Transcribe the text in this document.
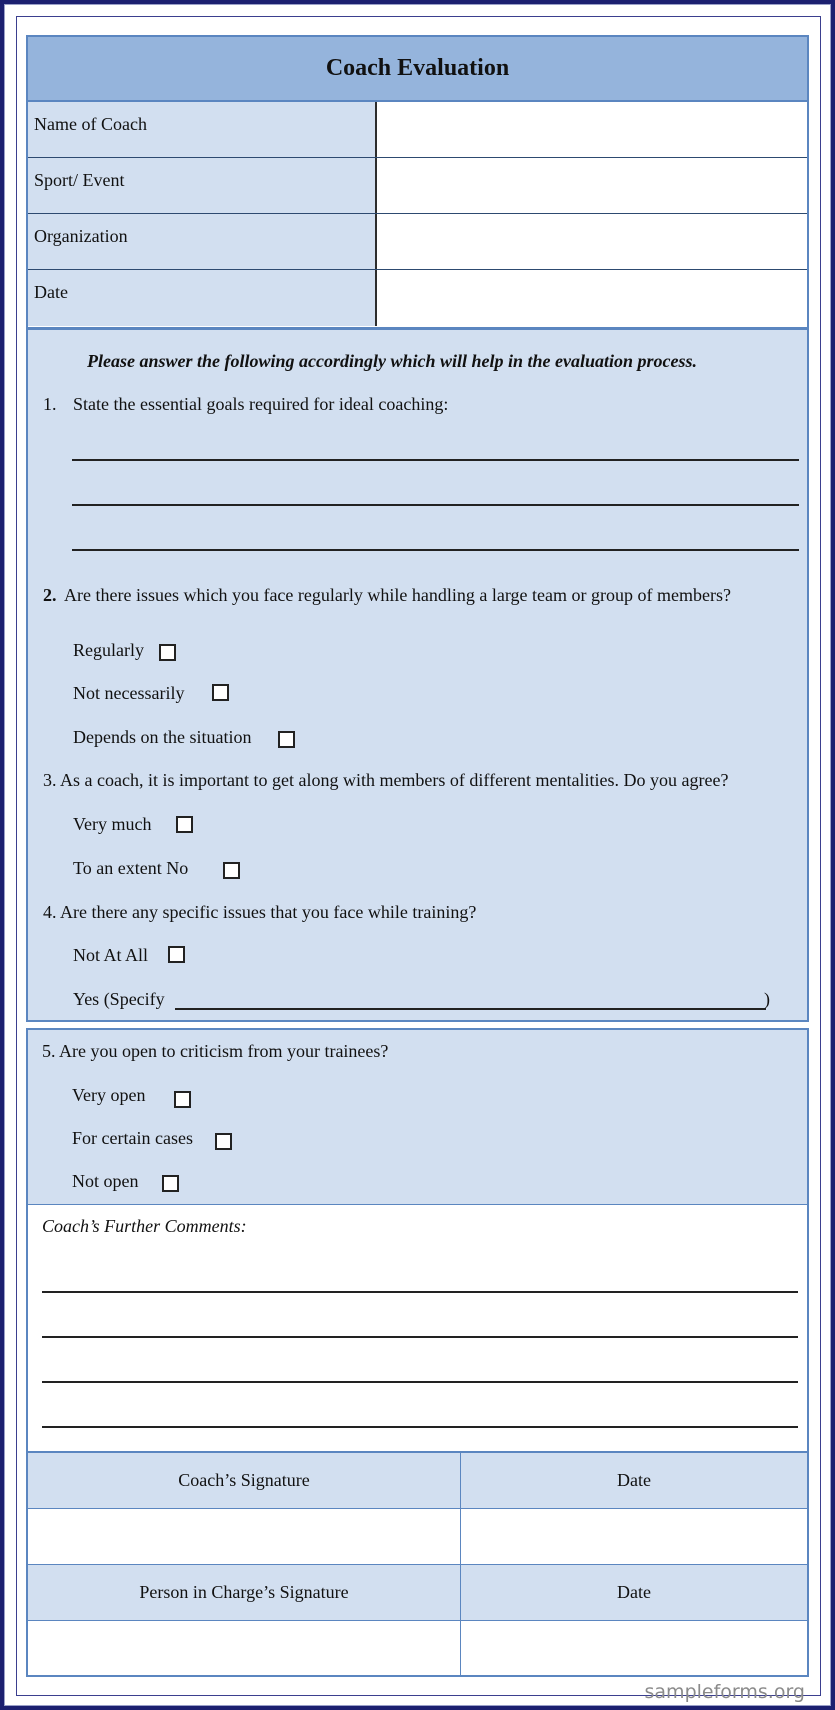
Coach Evaluation
Name of Coach
Sport/ Event
Organization
Date
Please answer the following accordingly which will help in the evaluation process.
1. State the essential goals required for ideal coaching:
2. Are there issues which you face regularly while handling a large team or group of members?
Regularly
Not necessarily
Depends on the situation
3. As a coach, it is important to get along with members of different mentalities. Do you agree?
Very much
To an extent No
4. Are there any specific issues that you face while training?
Not At All
Yes (Specify	)
5. Are you open to criticism from your trainees?
Very open
For certain cases
Not open
Coach’s Further Comments:
Coach’s Signature	Date
Person in Charge’s Signature	Date
sampleforms.org
